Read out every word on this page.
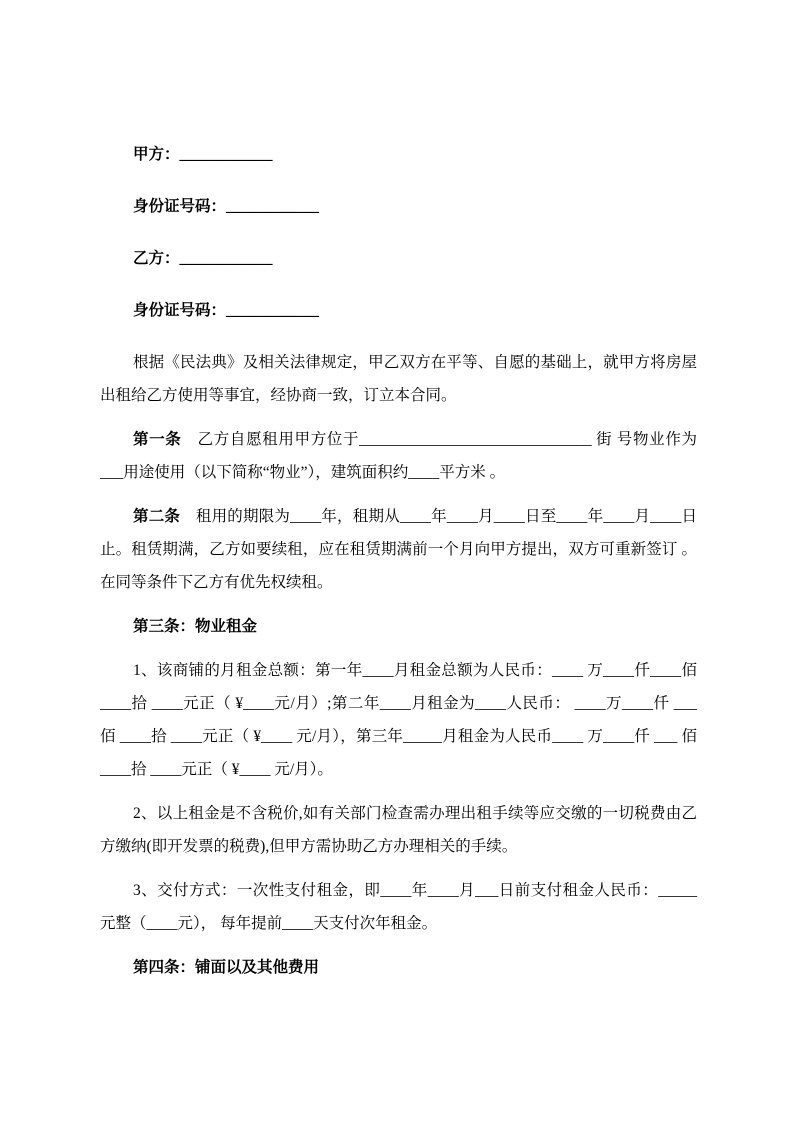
甲方：____________

身份证号码：____________

乙方：____________

身份证号码：____________

根据《民法典》及相关法律规定，甲乙双方在平等、自愿的基础上，就甲方将房屋出租给乙方使用等事宜，经协商一致，订立本合同。

第一条　乙方自愿租用甲方位于______________________________ 街 号物业作为___用途使用（以下简称“物业”），建筑面积约____平方米 。

第二条　租用的期限为____年，租期从____年____月____日至____年____月____日止。租赁期满，乙方如要续租，应在租赁期满前一个月向甲方提出，双方可重新签订 。在同等条件下乙方有优先权续租。

第三条：物业租金

1、该商铺的月租金总额：第一年____月租金总额为人民币：____ 万____仟____佰 ____拾 ____元正（ ¥____元/月）;第二年____月租金为____人民币： ____万____仟 ___ 佰 ____拾 ____元正（ ¥____ 元/月），第三年_____月租金为人民币____ 万____仟 ___ 佰 ____拾 ____元正（ ¥____ 元/月）。

2、以上租金是不含税价,如有关部门检查需办理出租手续等应交缴的一切税费由乙方缴纳(即开发票的税费),但甲方需协助乙方办理相关的手续。

3、交付方式：一次性支付租金，即____年____月___日前支付租金人民币：_____元整（____元）， 每年提前____天支付次年租金。

第四条：铺面以及其他费用
